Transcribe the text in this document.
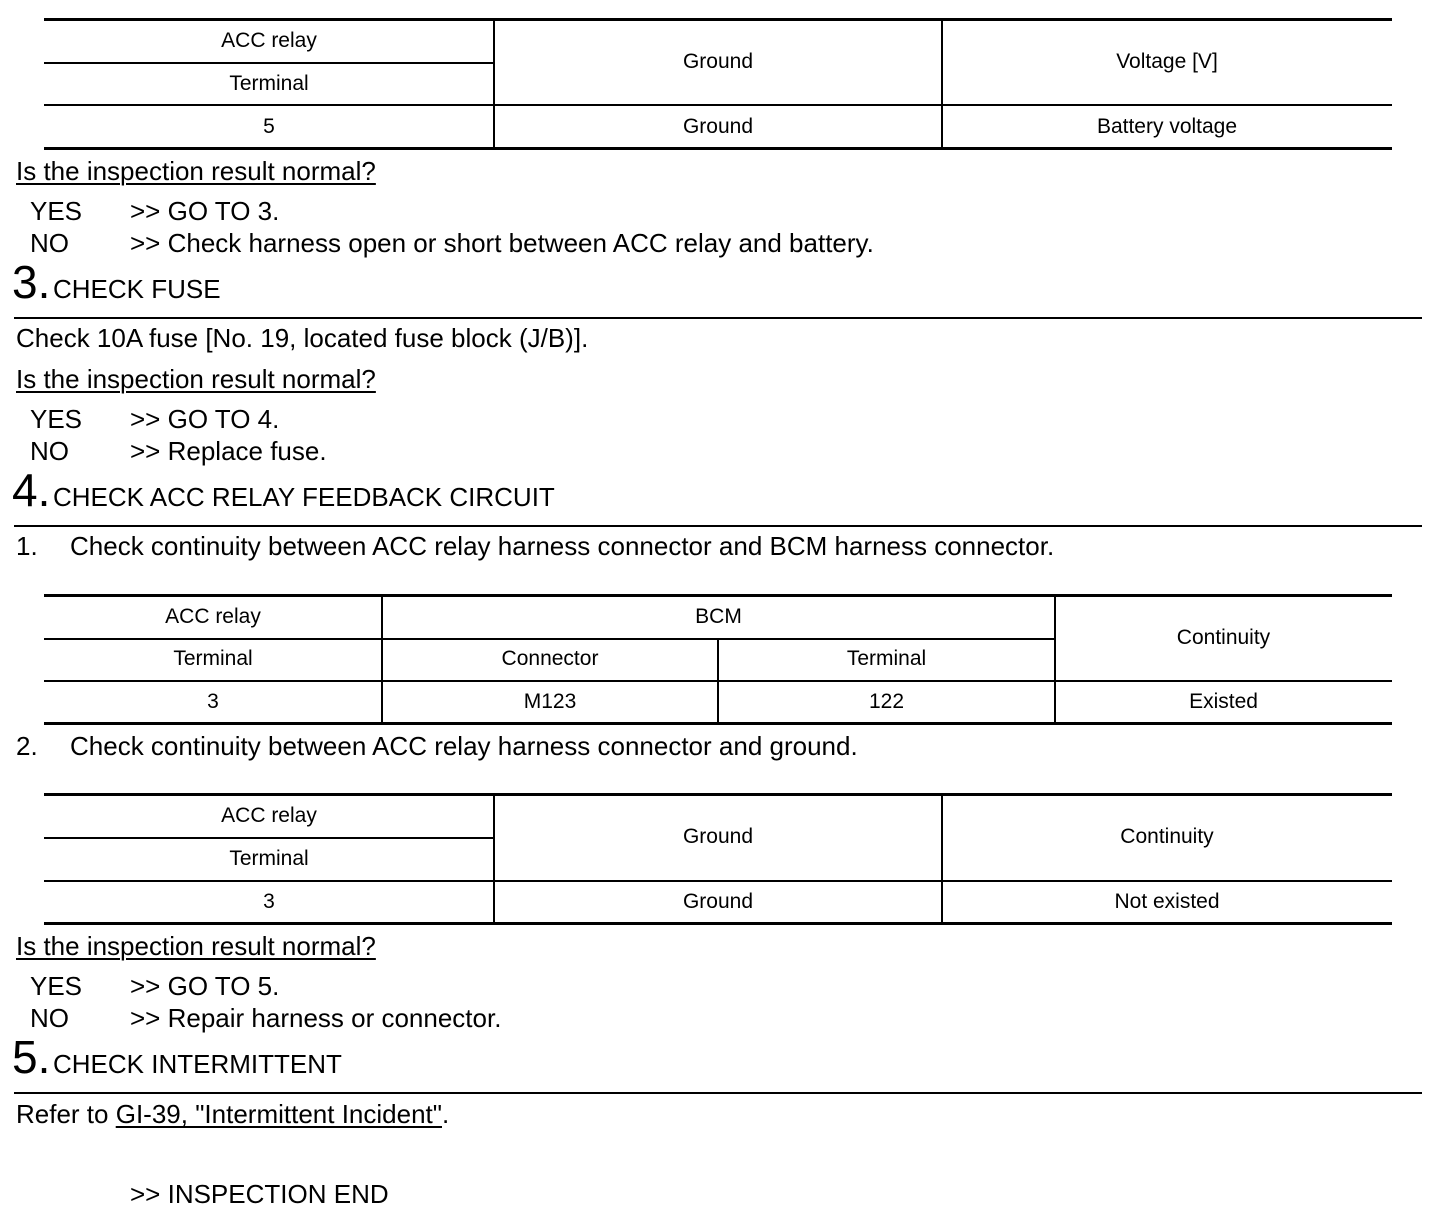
ACC relay
Terminal
Ground	Voltage [V]
5	Ground	Battery voltage
Is the inspection result normal?
YES >> GO TO 3.
NO >> Check harness open or short between ACC relay and battery.
3. CHECK FUSE
Check 10A fuse [No. 19, located fuse block (J/B)].
Is the inspection result normal?
YES >> GO TO 4.
NO >> Replace fuse.
4. CHECK ACC RELAY FEEDBACK CIRCUIT
1. Check continuity between ACC relay harness connector and BCM harness connector.
ACC relay	BCM
Continuity
Terminal	Connector	Terminal
3	M123	122	Existed
2. Check continuity between ACC relay harness connector and ground.
ACC relay
Terminal
Ground	Continuity
3	Ground	Not existed
Is the inspection result normal?
YES >> GO TO 5.
NO >> Repair harness or connector.
5. CHECK INTERMITTENT
Refer to GI-39, "Intermittent Incident".
>> INSPECTION END
